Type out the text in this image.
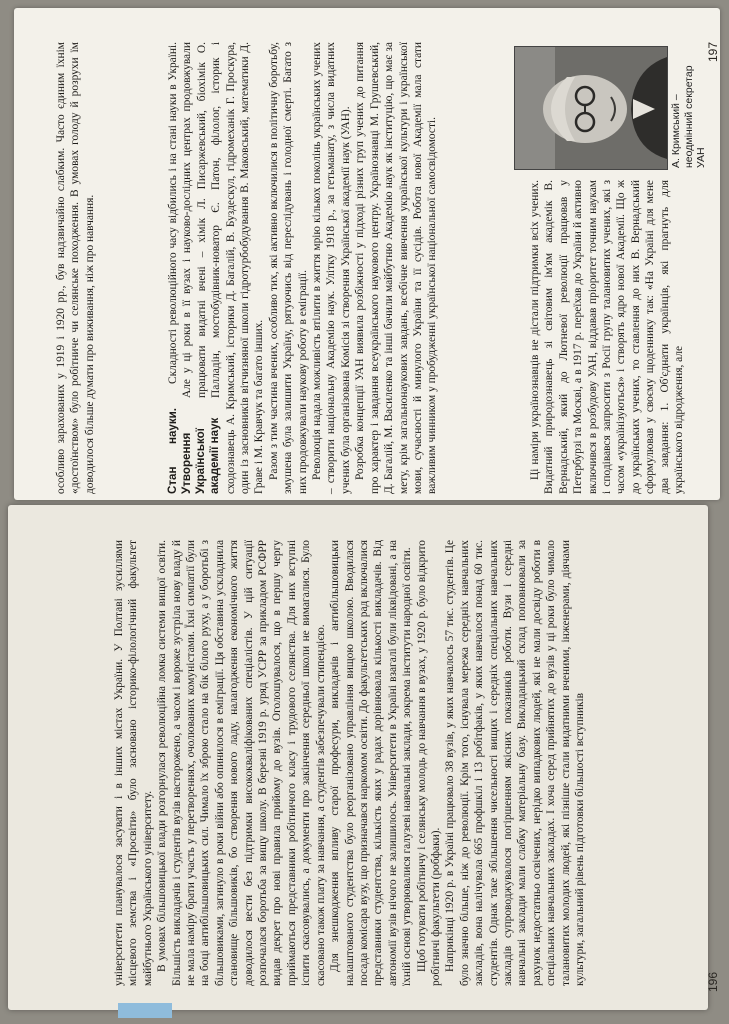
університети планувалося засувати і в інших містах України. У Полтаві зусиллями місцевого земства і «Просвіти» було засновано історико-філологічний факультет майбутнього Українського університету. В умовах більшовицької влади розгорнулася революційна ломка системи вищої освіти. Більшість викладачів і студентів вузів насторожено, а часом і вороже зустріла нову владу й не мала наміру брати участь у перетвореннях, очолюваних комуністами. Їхні симпатії були на боці антибільшовицьких сил. Чимало їх зброю стало на бік білого руху, а у боротьбі з більшовиками, загинуло в роки війни або опинилося в еміграції. Ця обставина ускладнила становище більшовиків, бо створення нового ладу, налагодження економічного життя доводилося вести без підтримки висококваліфікованих спеціалістів. У цій ситуації розпочалася боротьба за вищу школу. В березні 1919 р. уряд УСРР за прикладом РСФРР видав декрет про нові правила прийому до вузів. Оголошувалося, що в першу чергу приймаються представники робітничого класу і трудового селянства. Для них вступні іспити скасовувались, а документи про закінчення середньої школи не вимагалися. Було скасовано також плату за навчання, а студентів забезпечували стипендією. Для знешкодження впливу старої професури, викладачів і антибільшовицьки налаштованого студентства було реорганізовано управління вищою школою. Вводилася посада комісара вузу, що призначався наркомом освіти. До факультетських рад включалися представники студентства, кількість яких у радах дорівнювала кількості викладачів. Від автономії вузів нічого не залишилось. Університети в Україні взагалі були ліквідовані, а на їхній основі утворювалися галузеві навчальні заклади, зокрема інститути народної освіти. Щоб готувати робітничу і селянську молодь до навчання в вузах, у 1920 р. було відкрито робітничі факультети (робфаки). Наприкінці 1920 р. в Україні працювало 38 вузів, у яких навчалось 57 тис. студентів. Це було значно більше, ніж до революції. Крім того, існувала мережа середніх навчальних закладів, вона налічувала 665 профшкіл і 13 робітфаків, у яких навчалося понад 60 тис. студентів. Однак таке збільшення чисельності вищих і середніх спеціальних навчальних закладів супроводжувалося погіршенням якісних показників роботи. Вузи і середні навчальні заклади мали слабку матеріальну базу. Викладацький склад поповнювали за рахунок недостатньо освічених, нерідко випадкових людей, які не мали досвіду роботи в спеціальних навчальних закладах. І хоча серед прийнятих до вузів у ці роки було чимало талановитих молодих людей, які пізніше стали видатними вченими, інженерами, діячами культури, загальний рівень підготовки більшості вступників	196

особливо зарахованих у 1919 і 1920 рр., був надзвичайно слабким. Часто єдиним їхнім «достоїнством» було робітниче чи селянське походження. В умовах голоду й розрухи їм доводилося більше думати про виживання, ніж про навчання.	Стан науки. Утворення Української академії наук

Складності революційного часу відбились і на стані науки в Україні. Але у ці роки в її вузах і науково-дослідних центрах продовжували працювати видатні вчені – хімік Л. Писаржевський, біохімік О. Палладін, мостобудівник-новатор Є. Патон, філолог, історик і сходознавець А. Кримський, історики Д. Багалій, В. Буздескул, гідромеханік Г. Проскура, один із засновників вітчизняної школи гідротурбобудування В. Маковський, математики Д. Граве і М. Кравчук та багато інших. Разом з тим частина вчених, особливо тих, які активно включилися в політичну боротьбу, змушена була залишити Україну, рятуючись від переслідувань і голодної смерті. Багато з них продовжували наукову роботу в еміграції. Революція надала можливість втілити в життя мрію кількох поколінь українських учених – створити національну Академію наук. Улітку 1918 р., за гетьманату, з числа видатних учених була організована Комісія зі створення Української академії наук (УАН). Розробка концепції УАН виявила розбіжності у підході різних груп учених до питання про характер і завдання всеукраїнського наукового центру. Українознавці М. Грушевський, Д. Багалій, М. Василенко та інші бачили майбутню Академію наук як інституцію, що має за мету, крім загальнонаукових завдань, всебічне вивчення української культури і української мови, сучасності й минулого України та її сусідів. Робота нової Академії мала стати важливим чинником у пробудженні української національної самосвідомості.	Ці наміри українознавців не дістали підтримки всіх учених. Видатний природознавець зі світовим ім'ям академік В. Вернадський, який до Лютневої революції працював у Петербурзі та Москві, а в 1917 р. переїхав до України й активно включився в розбудову УАН, віддавав пріоритет точним наукам і сподівався запросити з Росії групу талановитих учених, які з часом «українізуються» і створять ядро нової Академії. Що ж до українських учених, то ставлення до них В. Вернадський сформулював у своєму щоденнику так: «На Україні для мене два завдання: 1. Об'єднати українців, які прагнуть для українського відродження, але

А. Кримський – неодмінний секретар УАН
197
